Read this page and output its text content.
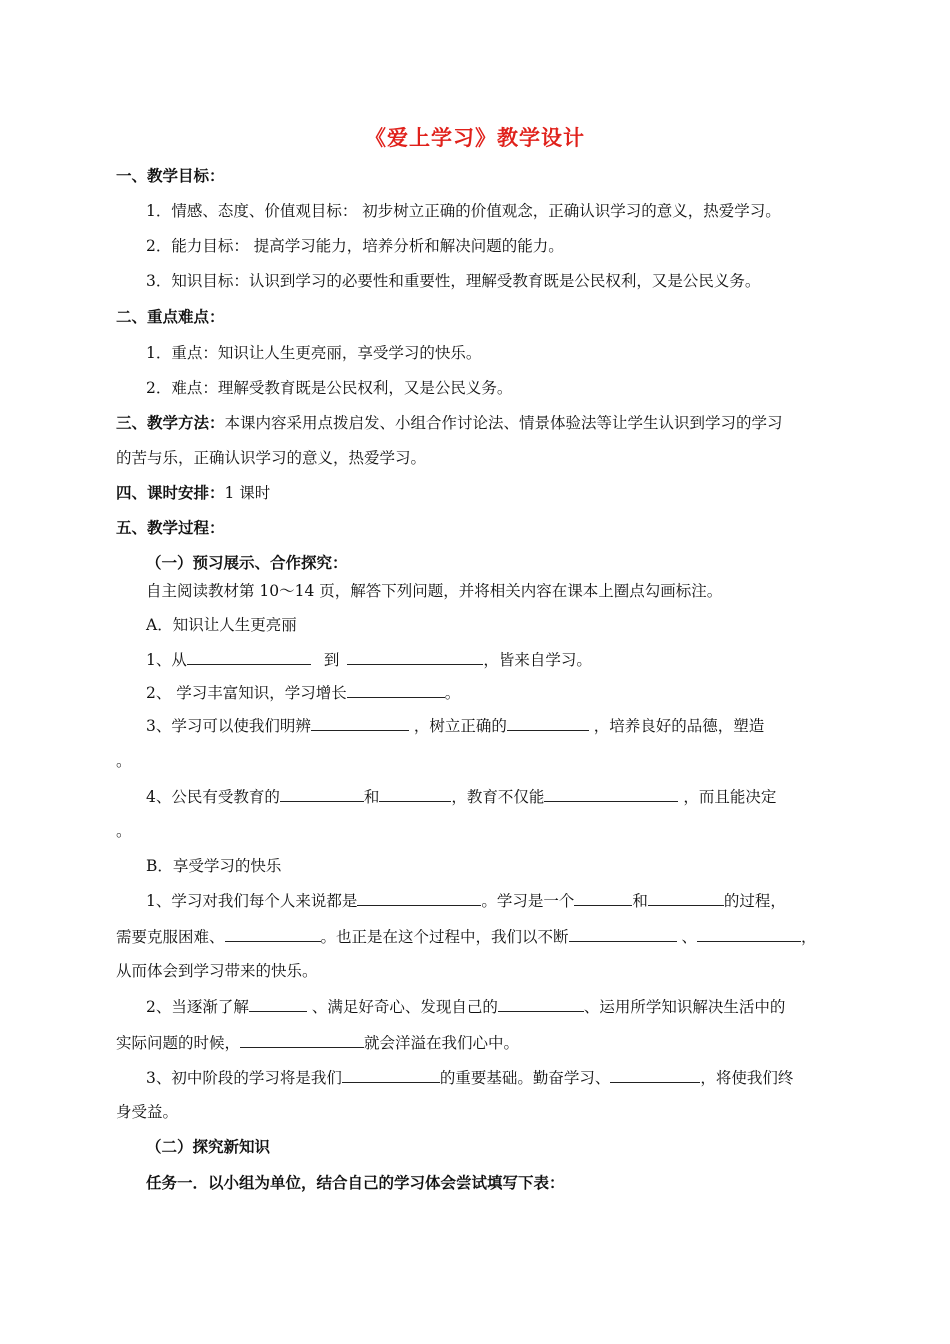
《爱上学习》教学设计
一、教学目标：
1．情感、态度、价值观目标： 初步树立正确的价值观念，正确认识学习的意义，热爱学习。
2．能力目标： 提高学习能力，培养分析和解决问题的能力。
3．知识目标：认识到学习的必要性和重要性，理解受教育既是公民权利，又是公民义务。
二、重点难点：
1．重点：知识让人生更亮丽，享受学习的快乐。
2．难点：理解受教育既是公民权利，又是公民义务。
三、教学方法：本课内容采用点拨启发、小组合作讨论法、情景体验法等让学生认识到学习的学习
的苦与乐，正确认识学习的意义，热爱学习。
四、课时安排：1 课时
五、教学过程：
（一）预习展示、合作探究：
自主阅读教材第 10～14 页，解答下列问题，并将相关内容在课本上圈点勾画标注。
A．知识让人生更亮丽
1、从	到	，皆来自学习。
2、 学习丰富知识，学习增长	。
3、学习可以使我们明辨	，树立正确的	，培养良好的品德，塑造
。
4、公民有受教育的	和	，教育不仅能	，而且能决定
。
B．享受学习的快乐
1、学习对我们每个人来说都是	。学习是一个	和	的过程，
需要克服困难、	。也正是在这个过程中，我们以不断	、	，
从而体会到学习带来的快乐。
2、当逐渐了解	、满足好奇心、发现自己的	、运用所学知识解决生活中的
实际问题的时候，	就会洋溢在我们心中。
3、初中阶段的学习将是我们	的重要基础。勤奋学习、	，将使我们终
身受益。
（二）探究新知识
任务一．以小组为单位，结合自己的学习体会尝试填写下表：
